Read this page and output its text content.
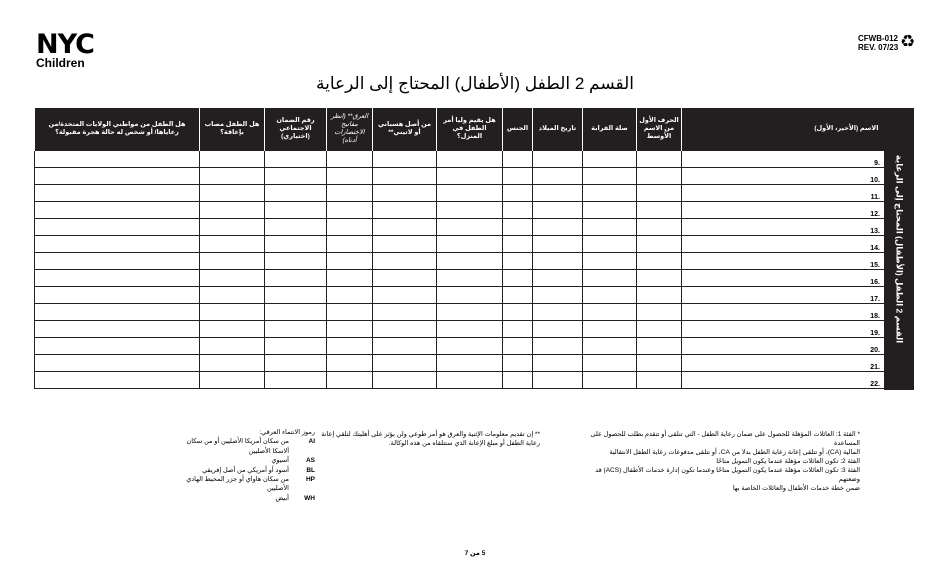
NYC
Children
CFWB-012
REV. 07/23 ♻
القسم 2 الطفل (الأطفال) المحتاج إلى الرعاية
هل الطفل من مواطني الولايات المتحدة/من رعاياها/ أو شخص له حالة هجرة مقبولة؟	هل الطفل مصاب بإعاقة؟	رقم الضمان الاجتماعي (اختياري)	العرق** (انظر مفاتيح الاختصارات أدناه)	من أصل هسباني أو لاتيني**	هل يقيم وليا أمر الطفل في المنزل؟	الجنس	تاريخ الميلاد	صلة القرابة	الحرف الأول من الاسم الأوسط	الاسم (الأخير، الأول)
										9.
										10.
										11.
										12.
										13.
										14.
										15.
										16.
										17.
										18.
										19.
										20.
										21.
										22.
القسم 2 الطفل (الأطفال) المحتاج إلى الرعاية
* الفئة 1: العائلات المؤهلة للحصول على ضمان رعاية الطفل - التي تتلقى أو تتقدم بطلب للحصول على المساعدة
المالية (CA)، أو تتلقى إعانة رعاية الطفل بدلا من CA، أو تتلقى مدفوعات رعاية الطفل الانتقالية
الفئة 2: تكون العائلات مؤهلة عندما يكون التمويل متاحًا
الفئة 3: تكون العائلات مؤهلة عندما يكون التمويل متاحًا وعندما تكون إدارة خدمات الأطفال (ACS) قد وضعتهم
ضمن خطة خدمات الأطفال والعائلات الخاصة بها
** إن تقديم معلومات الإثنية والعرق هو أمر طوعي ولن يؤثر على أهليتك لتلقي إعانة
رعاية الطفل أو مبلغ الإعانة الذي ستتلقاه من هذه الوكالة.
رموز الانتماء العرقي:
AI
من سكان أمريكا الأصليين أو من سكان ألاسكا الأصليين
AS
آسيوي
BL
أسود أو أمريكي من أصل إفريقي
HP
من سكان هاواي أو جزر المحيط الهادي الأصليين
WH
أبيض
5 من 7
